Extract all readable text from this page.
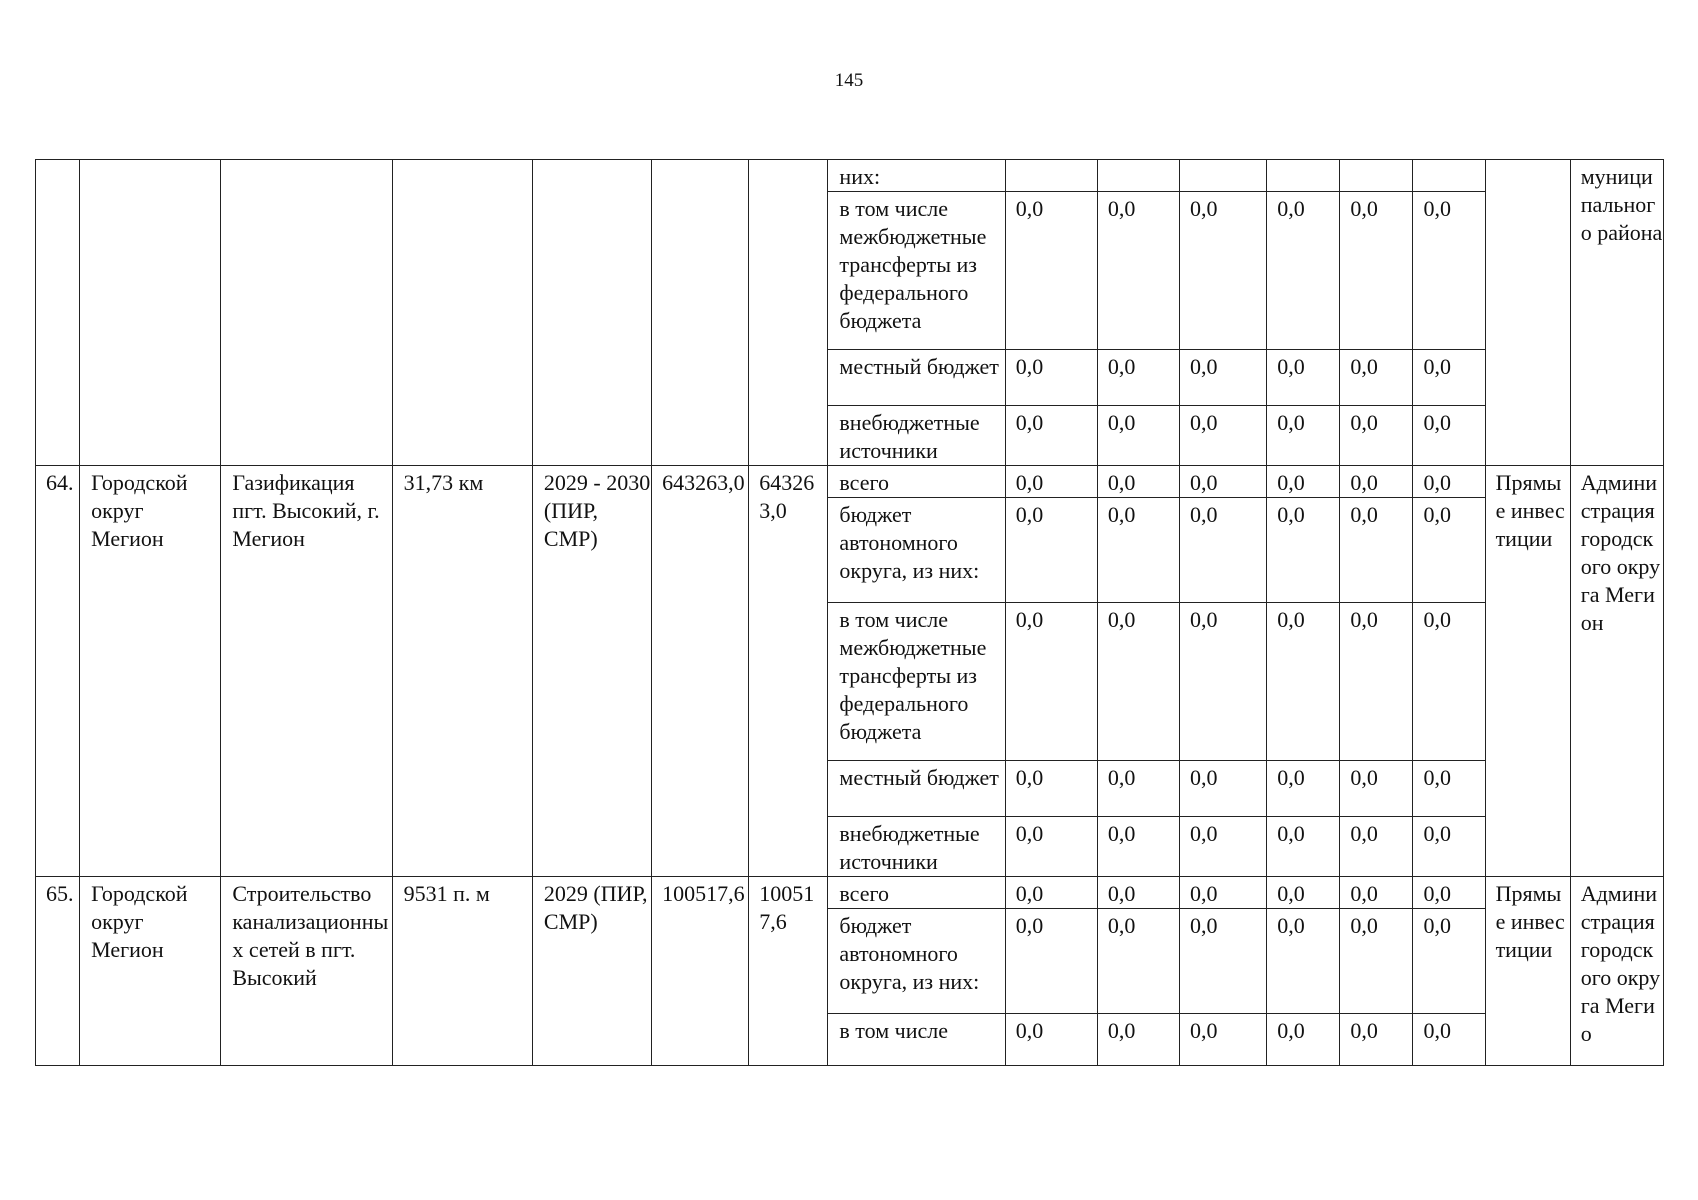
145
							них:								муниципального района
							в том числе межбюджетные трансферты из федерального бюджета	0,0	0,0	0,0	0,0	0,0	0,0		
							местный бюджет	0,0	0,0	0,0	0,0	0,0	0,0		
							внебюджетные источники	0,0	0,0	0,0	0,0	0,0	0,0		
64.	Городской округ Мегион	Газификация пгт. Высокий, г. Мегион	31,73 км	2029 - 2030 (ПИР, СМР)	643263,0	643263,0	всего	0,0	0,0	0,0	0,0	0,0	0,0	Прямые инвестиции	Администрация городского округа Мегион
							бюджет автономного округа, из них:	0,0	0,0	0,0	0,0	0,0	0,0		
							в том числе межбюджетные трансферты из федерального бюджета	0,0	0,0	0,0	0,0	0,0	0,0		
							местный бюджет	0,0	0,0	0,0	0,0	0,0	0,0		
							внебюджетные источники	0,0	0,0	0,0	0,0	0,0	0,0		
65.	Городской округ Мегион	Строительство канализационных сетей в пгт. Высокий	9531 п. м	2029 (ПИР, СМР)	100517,6	100517,6	всего	0,0	0,0	0,0	0,0	0,0	0,0	Прямые инвестиции	Администрация городского округа Мегио
							бюджет автономного округа, из них:	0,0	0,0	0,0	0,0	0,0	0,0		
							в том числе	0,0	0,0	0,0	0,0	0,0	0,0		
